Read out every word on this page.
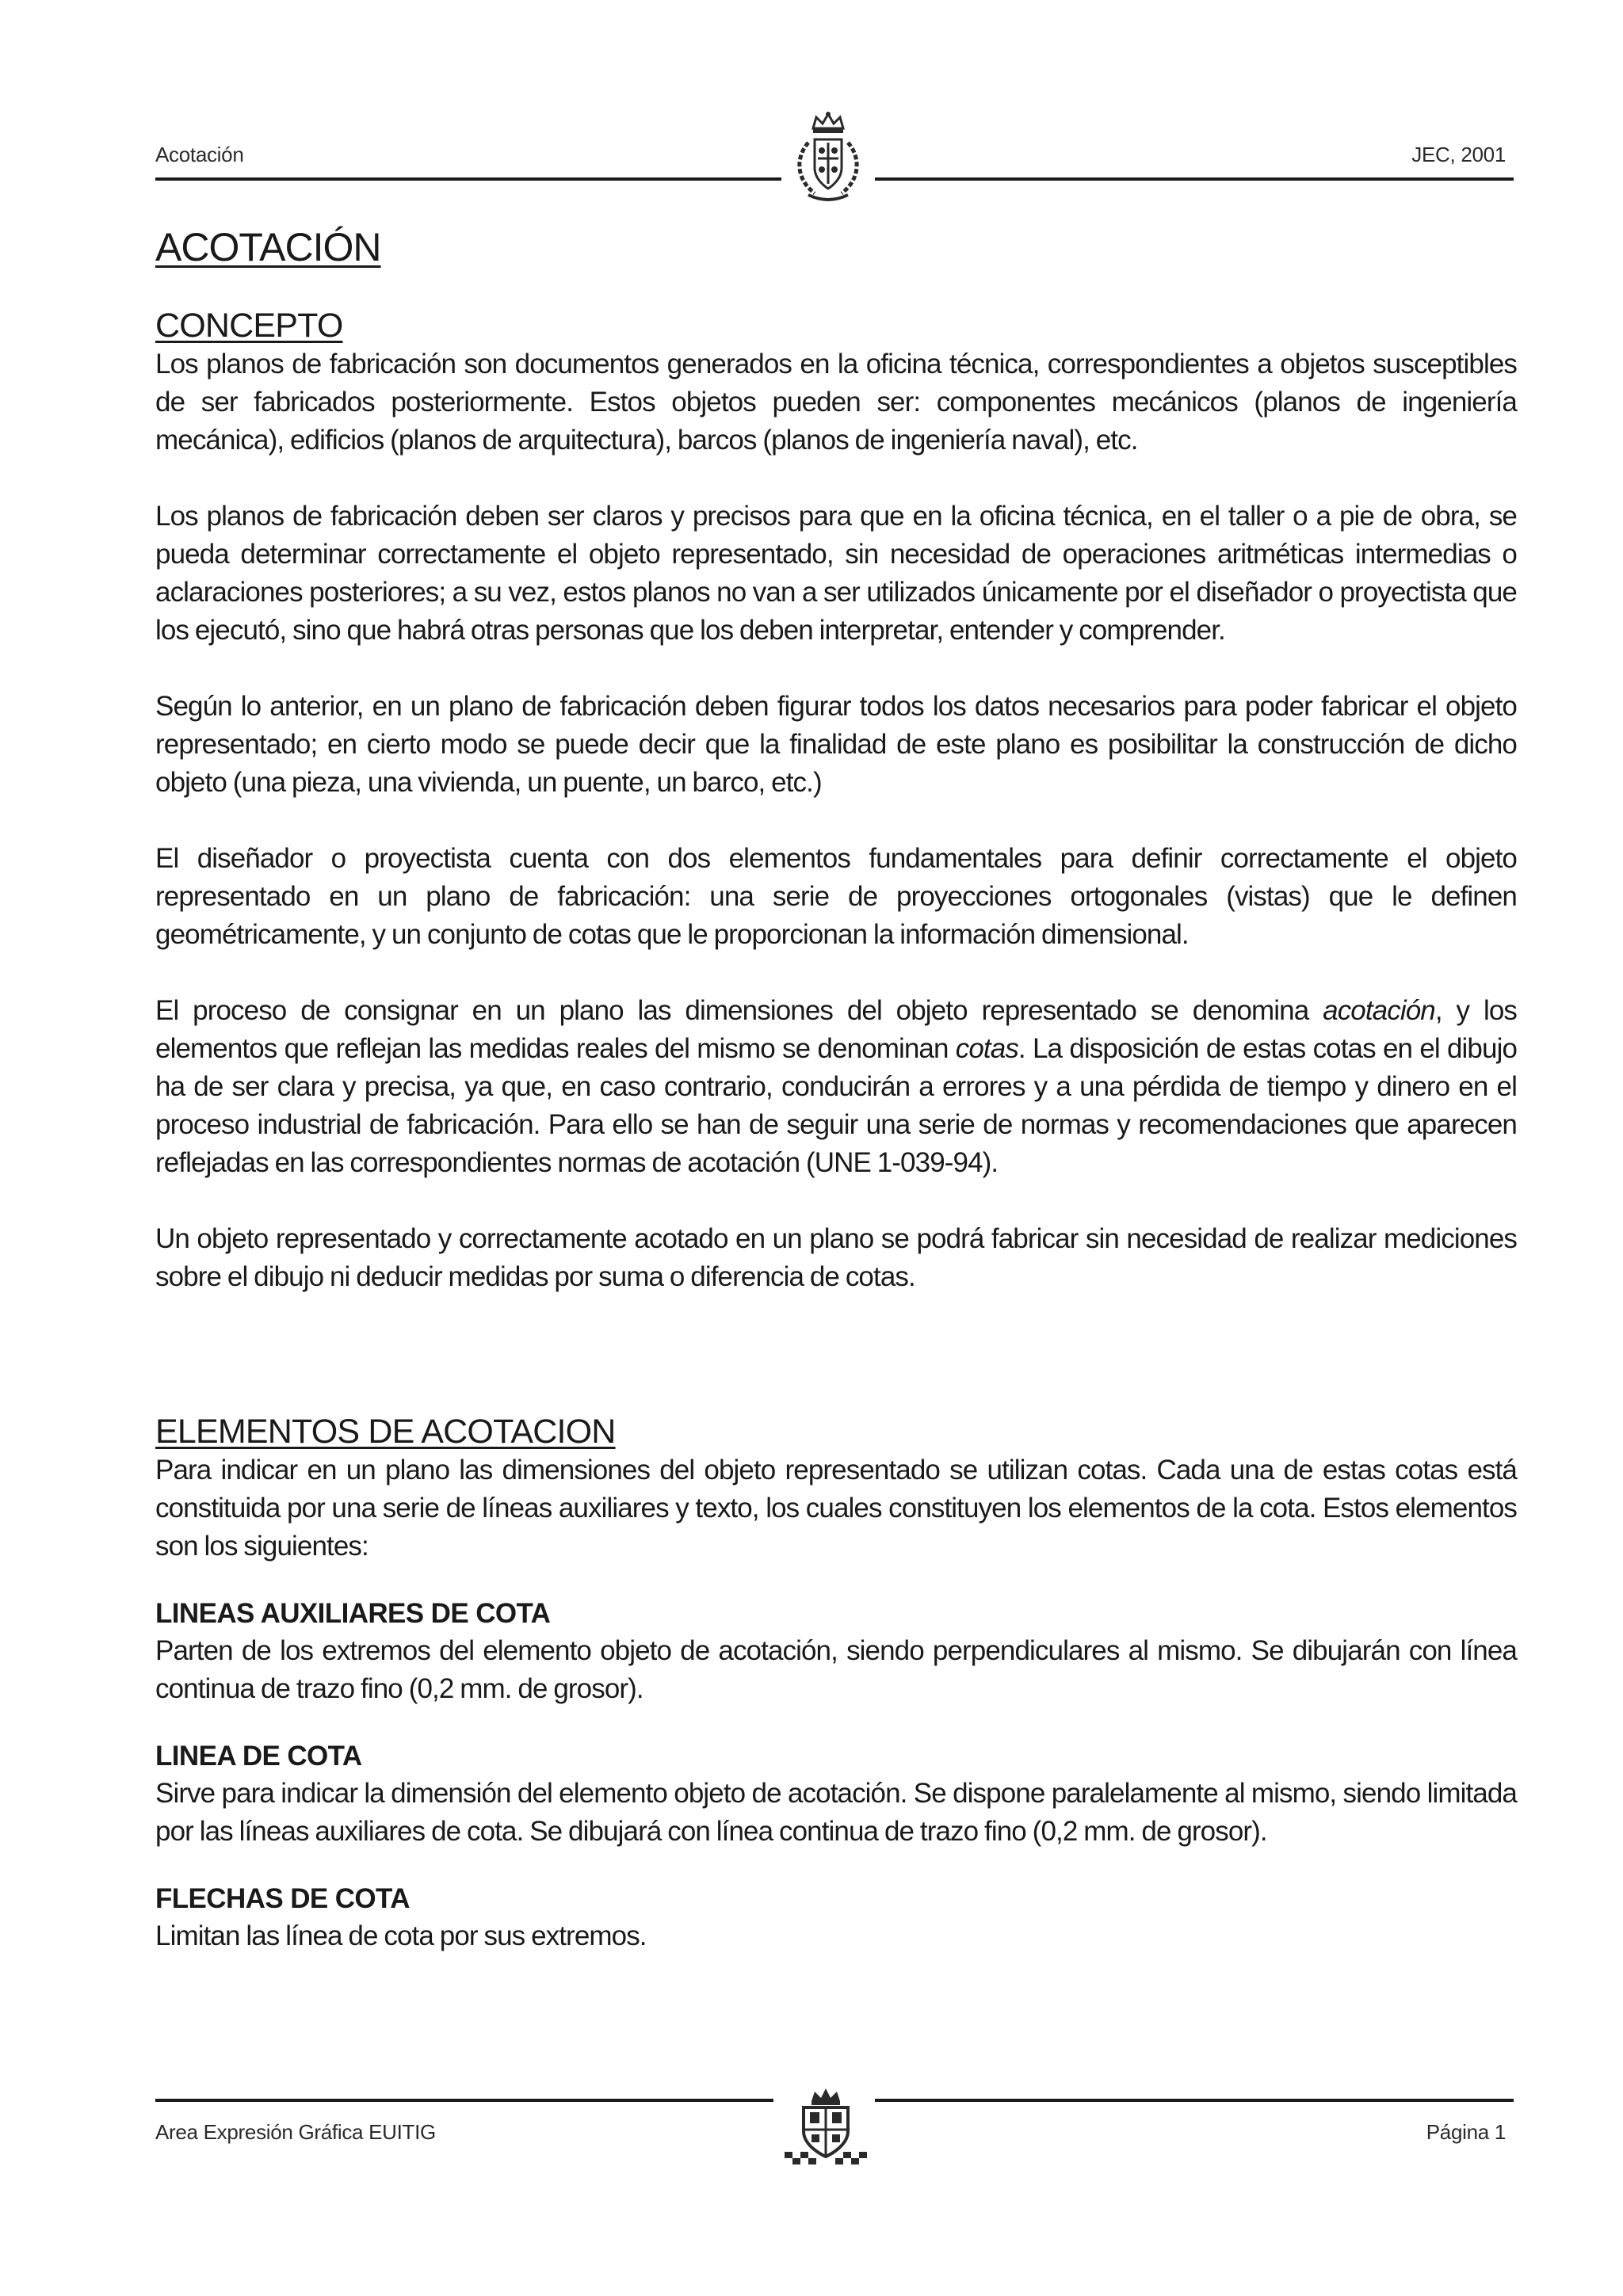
Acotación	JEC, 2001
ACOTACIÓN
CONCEPTO

Los planos de fabricación son documentos generados en la oficina técnica, correspondientes a objetos susceptibles de ser fabricados posteriormente. Estos objetos pueden ser: componentes mecánicos (planos de ingeniería mecánica), edificios (planos de arquitectura), barcos (planos de ingeniería naval), etc.

Los planos de fabricación deben ser claros y precisos para que en la oficina técnica, en el taller o a pie de obra, se pueda determinar correctamente el objeto representado, sin necesidad de operaciones aritméticas intermedias o aclaraciones posteriores; a su vez, estos planos no van a ser utilizados únicamente por el diseñador o proyectista que los ejecutó, sino que habrá otras personas que los deben interpretar, entender y comprender.

Según lo anterior, en un plano de fabricación deben figurar todos los datos necesarios para poder fabricar el objeto representado; en cierto modo se puede decir que la finalidad de este plano es posibilitar la construcción de dicho objeto (una pieza, una vivienda, un puente, un barco, etc.)

El diseñador o proyectista cuenta con dos elementos fundamentales para definir correctamente el objeto representado en un plano de fabricación: una serie de proyecciones ortogonales (vistas) que le definen geométricamente, y un conjunto de cotas que le proporcionan la información dimensional.

El proceso de consignar en un plano las dimensiones del objeto representado se denomina acotación, y los elementos que reflejan las medidas reales del mismo se denominan cotas. La disposición de estas cotas en el dibujo ha de ser clara y precisa, ya que, en caso contrario, conducirán a errores y a una pérdida de tiempo y dinero en el proceso industrial de fabricación. Para ello se han de seguir una serie de normas y recomendaciones que aparecen reflejadas en las correspondientes normas de acotación (UNE 1-039-94).

Un objeto representado y correctamente acotado en un plano se podrá fabricar sin necesidad de realizar mediciones sobre el dibujo ni deducir medidas por suma o diferencia de cotas.

ELEMENTOS DE ACOTACION

Para indicar en un plano las dimensiones del objeto representado se utilizan cotas. Cada una de estas cotas está constituida por una serie de líneas auxiliares y texto, los cuales constituyen los elementos de la cota. Estos elementos son los siguientes:

LINEAS AUXILIARES DE COTA

Parten de los extremos del elemento objeto de acotación, siendo perpendiculares al mismo. Se dibujarán con línea continua de trazo fino (0,2 mm. de grosor).

LINEA DE COTA

Sirve para indicar la dimensión del elemento objeto de acotación. Se dispone paralelamente al mismo, siendo limitada por las líneas auxiliares de cota. Se dibujará con línea continua de trazo fino (0,2 mm. de grosor).

FLECHAS DE COTA

Limitan las línea de cota por sus extremos.

Area Expresión Gráfica EUITIG	Página 1
